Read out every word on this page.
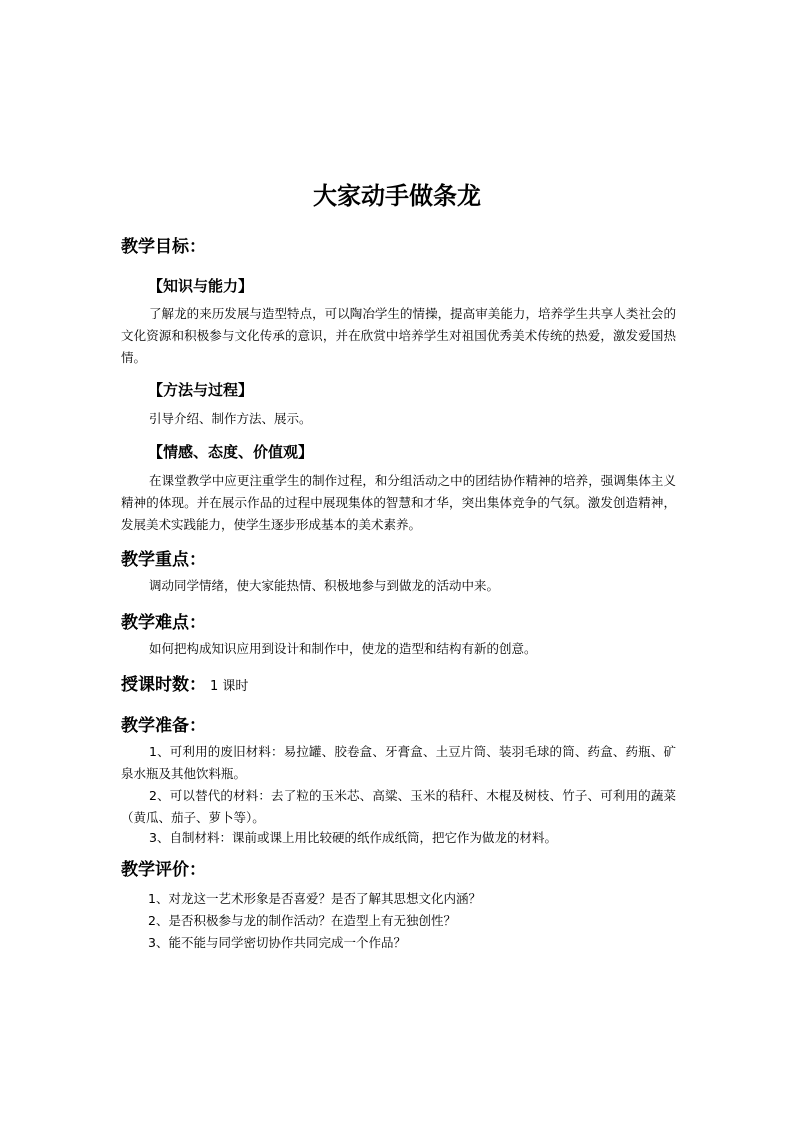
大家动手做条龙
教学目标：
【知识与能力】
了解龙的来历发展与造型特点，可以陶冶学生的情操，提高审美能力，培养学生共享人类社会的文化资源和积极参与文化传承的意识，并在欣赏中培养学生对祖国优秀美术传统的热爱，激发爱国热情。
【方法与过程】
引导介绍、制作方法、展示。
【情感、态度、价值观】
在课堂教学中应更注重学生的制作过程，和分组活动之中的团结协作精神的培养，强调集体主义精神的体现。并在展示作品的过程中展现集体的智慧和才华，突出集体竞争的气氛。激发创造精神，发展美术实践能力，使学生逐步形成基本的美术素养。
教学重点：
调动同学情绪，使大家能热情、积极地参与到做龙的活动中来。
教学难点：
如何把构成知识应用到设计和制作中，使龙的造型和结构有新的创意。
授课时数： 1 课时
教学准备：
1、可利用的废旧材料：易拉罐、胶卷盒、牙膏盒、土豆片筒、装羽毛球的筒、药盒、药瓶、矿泉水瓶及其他饮料瓶。
2、可以替代的材料：去了粒的玉米芯、高粱、玉米的秸秆、木棍及树枝、竹子、可利用的蔬菜（黄瓜、茄子、萝卜等）。
3、自制材料：课前或课上用比较硬的纸作成纸筒，把它作为做龙的材料。
教学评价：
1、对龙这一艺术形象是否喜爱？是否了解其思想文化内涵？
2、是否积极参与龙的制作活动？在造型上有无独创性？
3、能不能与同学密切协作共同完成一个作品？
